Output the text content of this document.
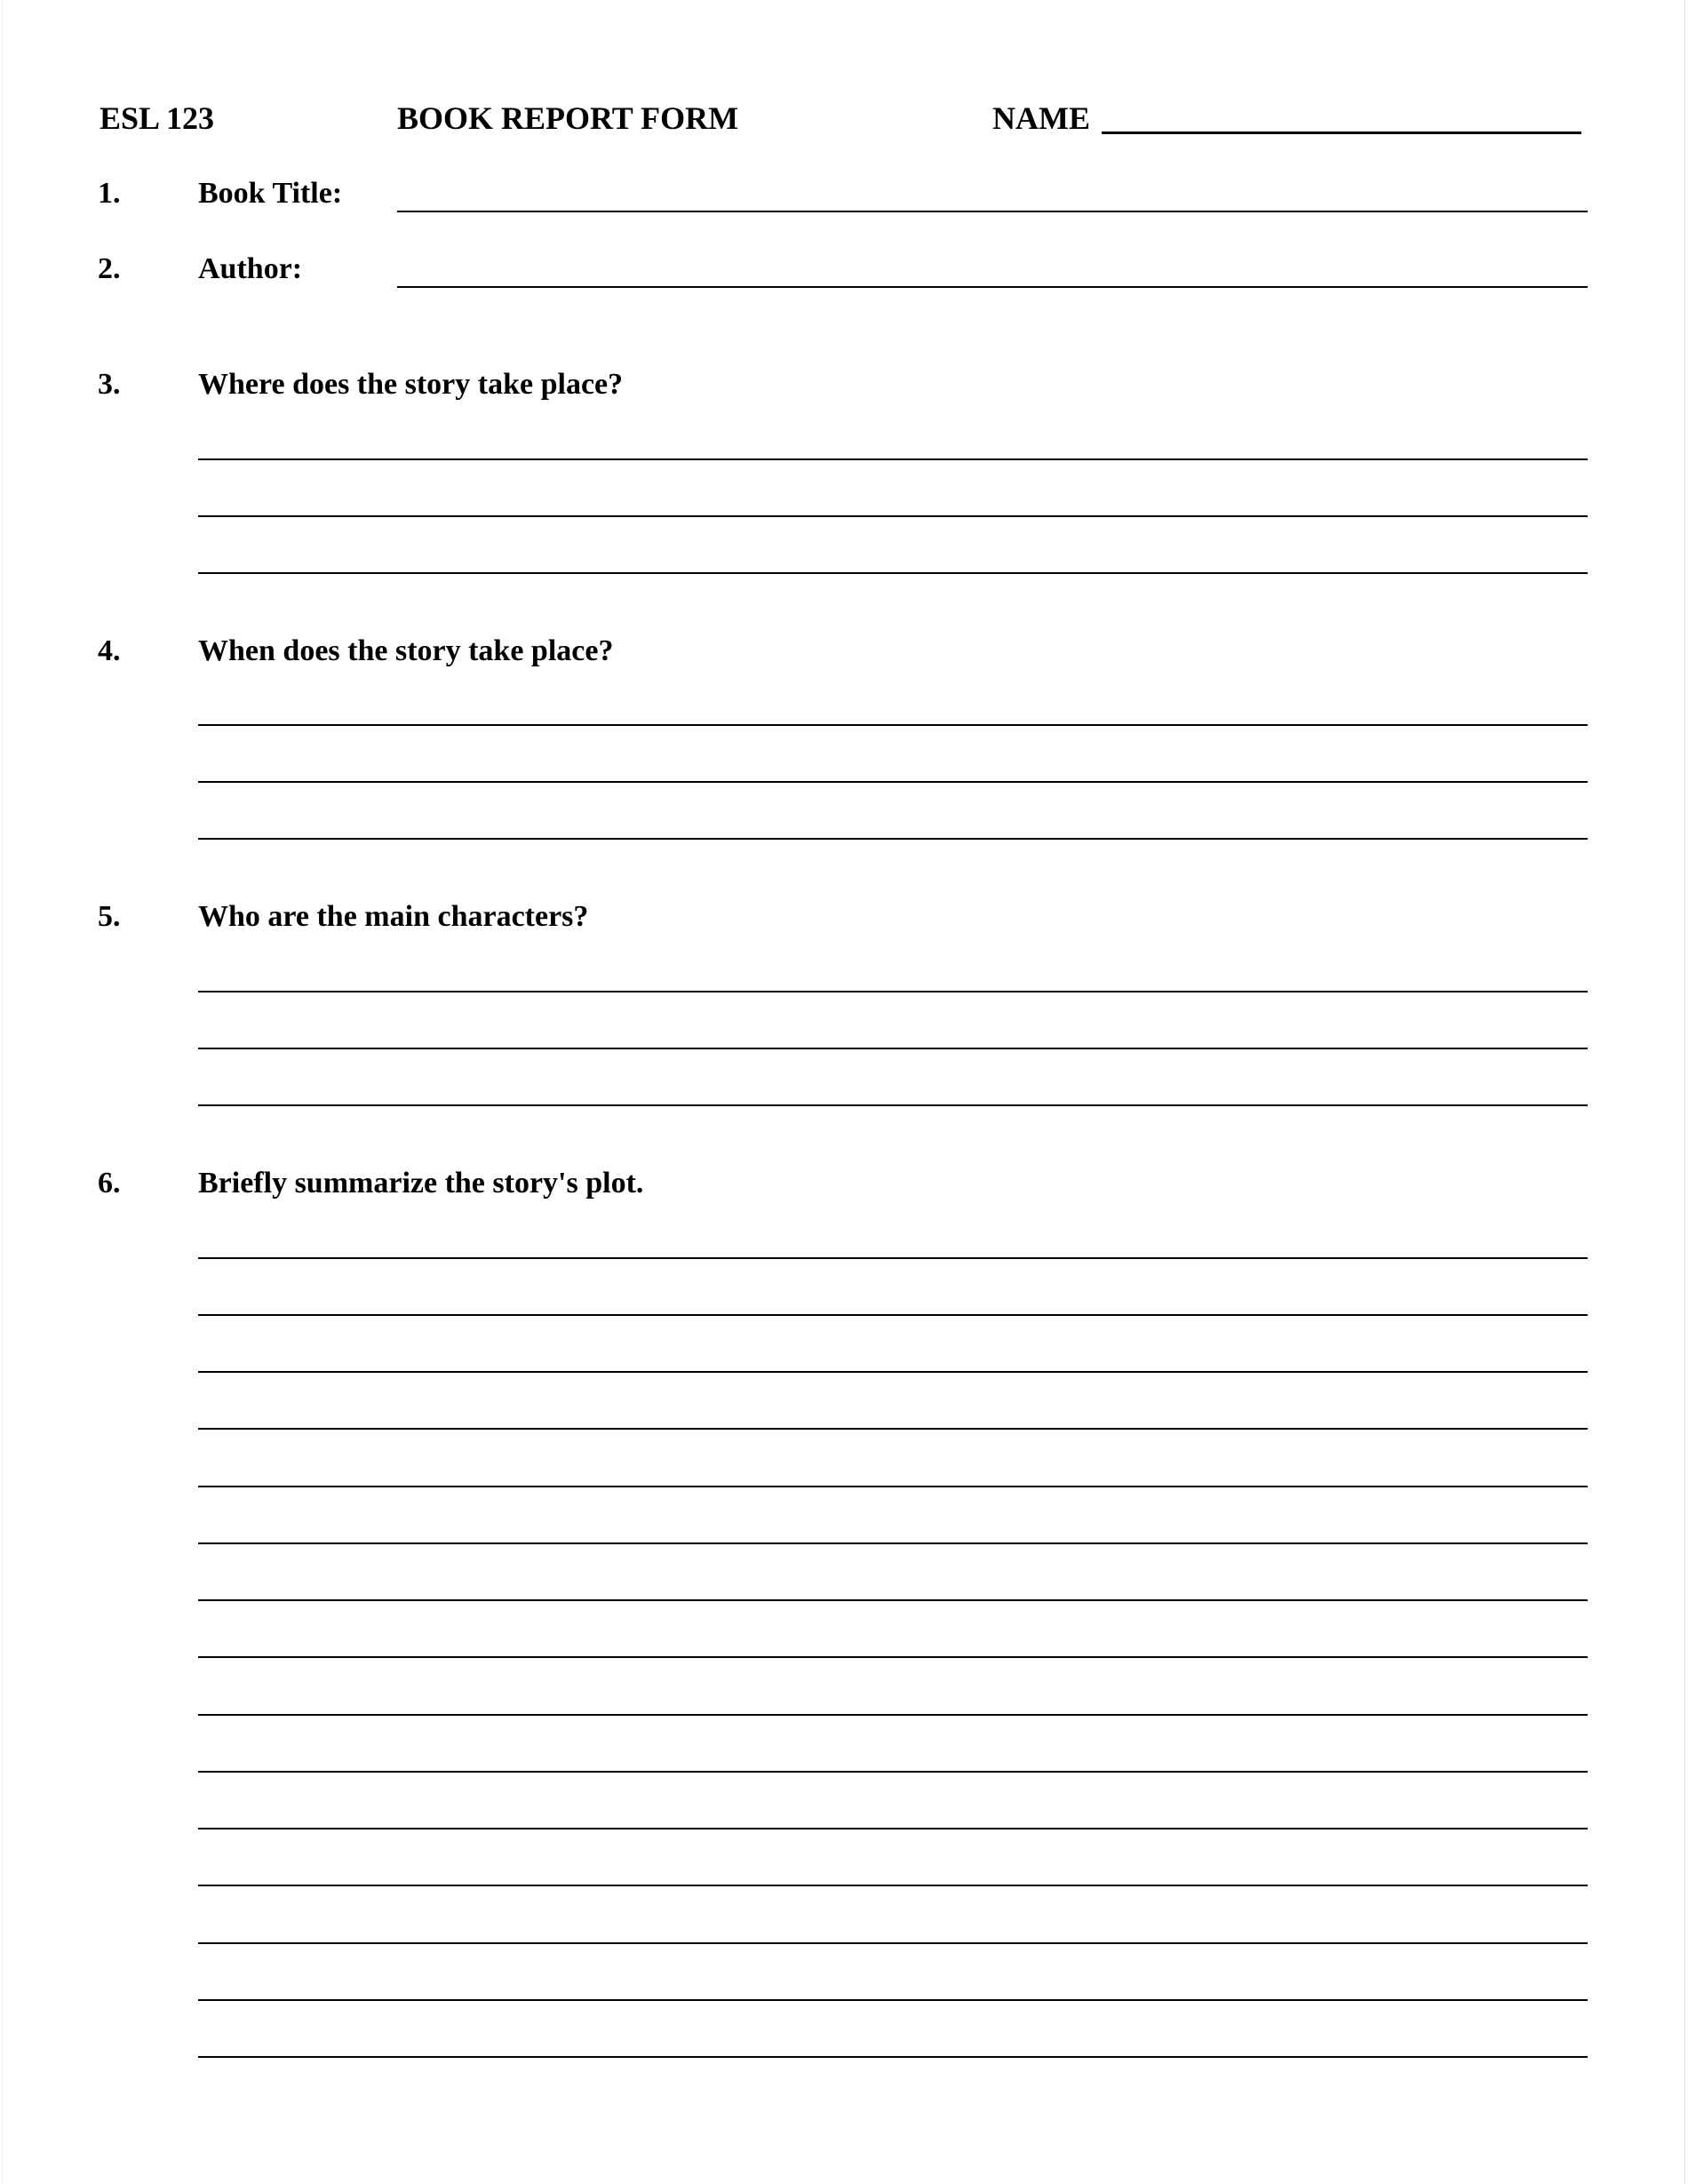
ESL 123	BOOK REPORT FORM	NAME
1.	Book Title:
2.	Author:
3.	Where does the story take place?
4.	When does the story take place?
5.	Who are the main characters?
6.	Briefly summarize the story's plot.
